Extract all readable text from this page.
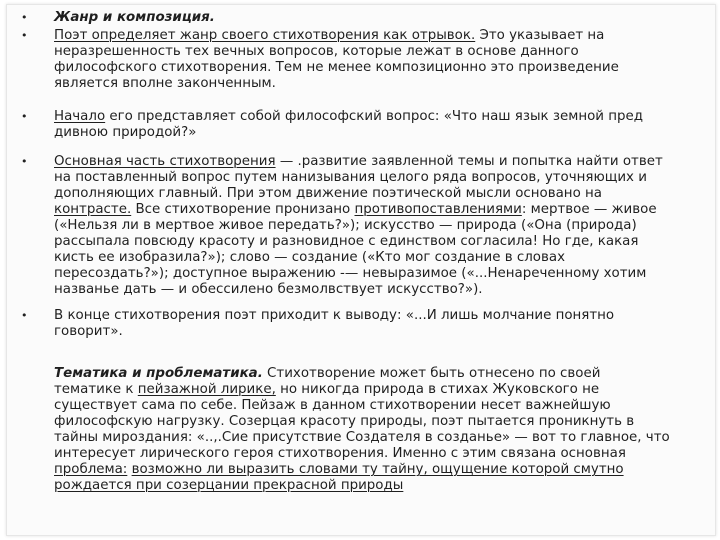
•
•
•
•
•
Жанр и композиция.
Поэт определяет жанр своего стихотворения как отрывок. Это указывает на
неразрешенность тех вечных вопросов, которые лежат в основе данного
философского стихотворения. Тем не менее композиционно это произведение
является вполне законченным.
Начало его представляет собой философский вопрос: «Что наш язык земной пред
дивною природой?»
Основная часть стихотворения — .развитие заявленной темы и попытка найти ответ
на поставленный вопрос путем нанизывания целого ряда вопросов, уточняющих и
дополняющих главный. При этом движение поэтической мысли основано на
контрасте. Все стихотворение пронизано противопоставлениями: мертвое — живое
(«Нельзя ли в мертвое живое передать?»); искусство — природа («Она (природа)
рассыпала повсюду красоту и разновидное с единством согласила! Но где, какая
кисть ее изобразила?»); слово — создание («Кто мог создание в словах
пересоздать?»); доступное выражению -— невыразимое («...Ненареченному хотим
названье дать — и обессилено безмолвствует искусство?»).
В конце стихотворения поэт приходит к выводу: «...И лишь молчание понятно
говорит».
Тематика и проблематика. Стихотворение может быть отнесено по своей
тематике к пейзажной лирике, но никогда природа в стихах Жуковского не
существует сама по себе. Пейзаж в данном стихотворении несет важнейшую
философскую нагрузку. Созерцая красоту природы, поэт пытается проникнуть в
тайны мироздания: «..,.Сие присутствие Создателя в созданье» — вот то главное, что
интересует лирического героя стихотворения. Именно с этим связана основная
проблема: возможно ли выразить словами ту тайну, ощущение которой смутно
рождается при созерцании прекрасной природы
